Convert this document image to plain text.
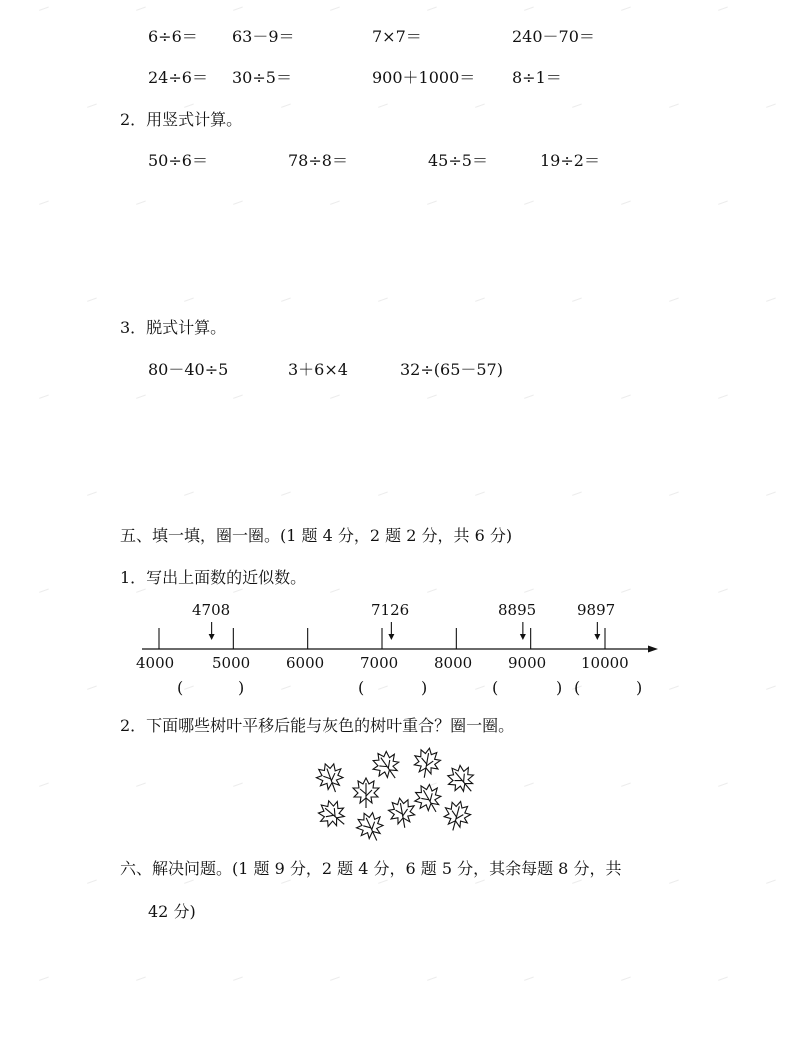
6÷6＝ 63－9＝	7×7＝	240－70＝
24÷6＝ 30÷5＝	900＋1000＝ 8÷1＝
2．用竖式计算。
50÷6＝	78÷8＝	45÷5＝	19÷2＝
3．脱式计算。
80－40÷5	3＋6×4	32÷(65－57)
五、填一填，圈一圈。(1 题 4 分，2 题 2 分，共 6 分)
1．写出上面数的近似数。
4000	5000 6000 7000 8000 9000 10000
4708	7126	8895	9897
(	)	(	)	(	) (	)
2．下面哪些树叶平移后能与灰色的树叶重合？圈一圈。
六、解决问题。(1 题 9 分，2 题 4 分，6 题 5 分，其余每题 8 分，共
42 分)
